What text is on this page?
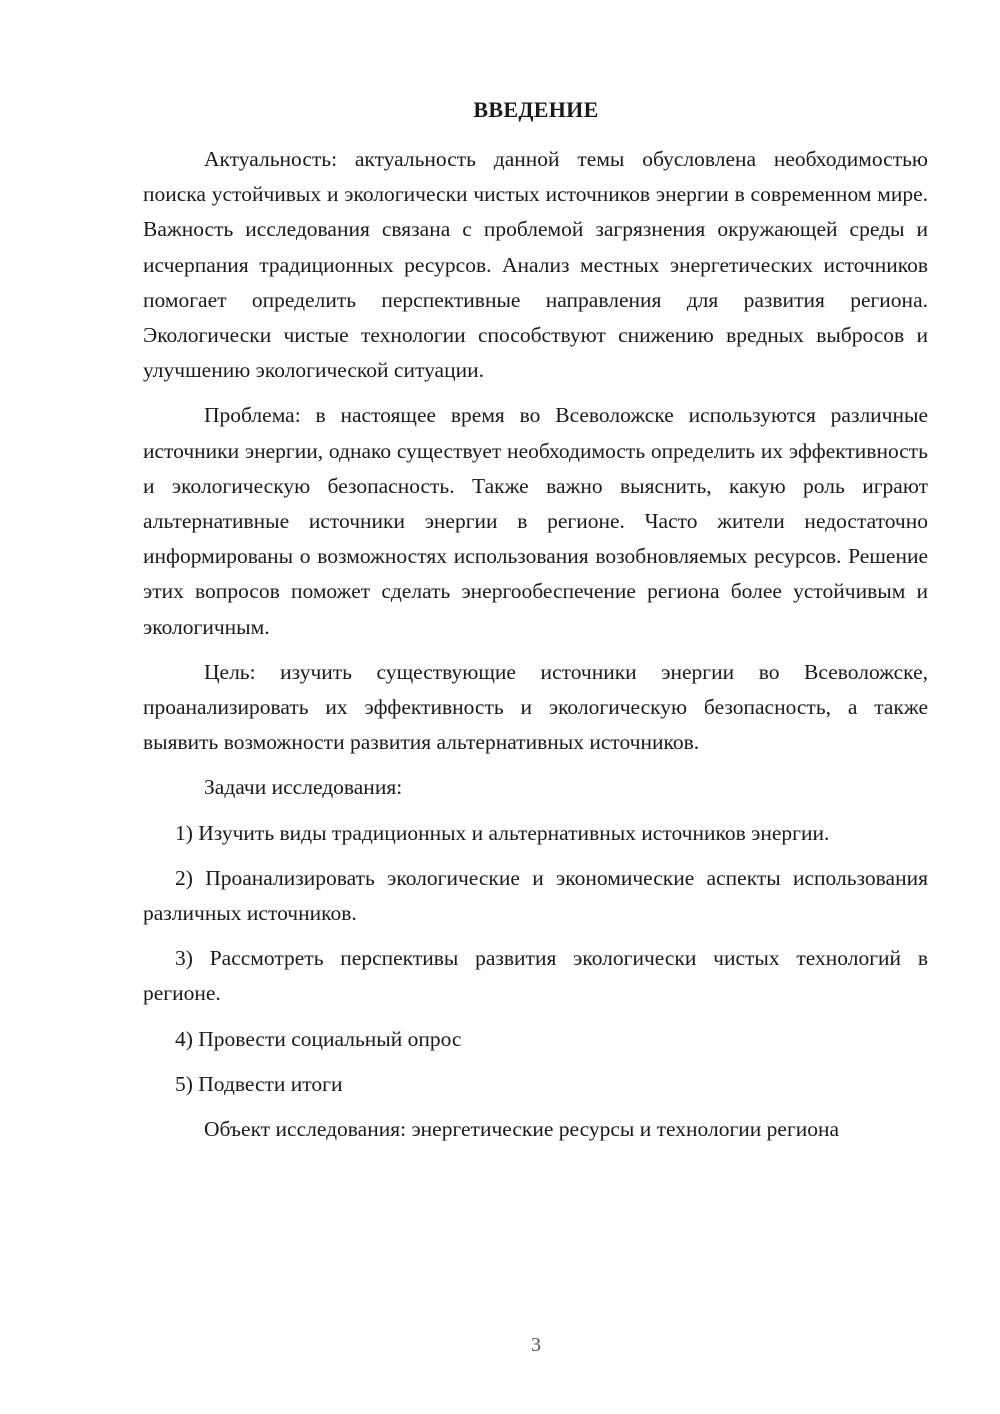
ВВЕДЕНИЕ

Актуальность: актуальность данной темы обусловлена необходимостью поиска устойчивых и экологически чистых источников энергии в современном мире. Важность исследования связана с проблемой загрязнения окружающей среды и исчерпания традиционных ресурсов. Анализ местных энергетических источников помогает определить перспективные направления для развития региона. Экологически чистые технологии способствуют снижению вредных выбросов и улучшению экологической ситуации.

Проблема: в настоящее время во Всеволожске используются различные источники энергии, однако существует необходимость определить их эффективность и экологическую безопасность. Также важно выяснить, какую роль играют альтернативные источники энергии в регионе. Часто жители недостаточно информированы о возможностях использования возобновляемых ресурсов. Решение этих вопросов поможет сделать энергообеспечение региона более устойчивым и экологичным.

Цель: изучить существующие источники энергии во Всеволожске, проанализировать их эффективность и экологическую безопасность, а также выявить возможности развития альтернативных источников.

Задачи исследования:

1) Изучить виды традиционных и альтернативных источников энергии.

2) Проанализировать экологические и экономические аспекты использования различных источников.

3) Рассмотреть перспективы развития экологически чистых технологий в регионе.

4) Провести социальный опрос

5) Подвести итоги

Объект исследования: энергетические ресурсы и технологии региона

3
